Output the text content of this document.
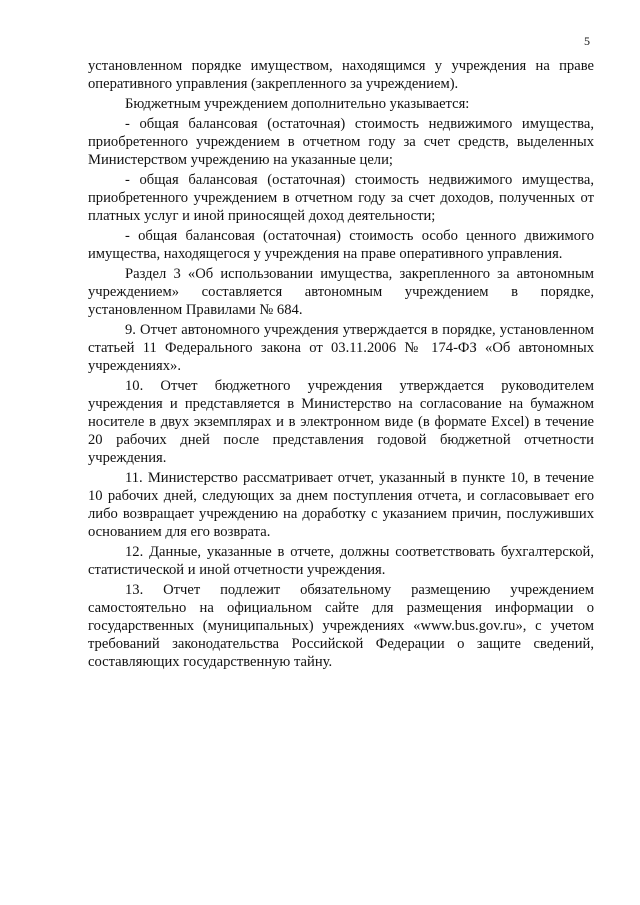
5

установленном порядке имуществом, находящимся у учреждения на праве оперативного управления (закрепленного за учреждением).

Бюджетным учреждением дополнительно указывается:

- общая балансовая (остаточная) стоимость недвижимого имущества, приобретенного учреждением в отчетном году за счет средств, выделенных Министерством учреждению на указанные цели;

- общая балансовая (остаточная) стоимость недвижимого имущества, приобретенного учреждением в отчетном году за счет доходов, полученных от платных услуг и иной приносящей доход деятельности;

- общая балансовая (остаточная) стоимость особо ценного движимого имущества, находящегося у учреждения на праве оперативного управления.

Раздел 3 «Об использовании имущества, закрепленного за автономным учреждением» составляется автономным учреждением в порядке, установленном Правилами № 684.

9. Отчет автономного учреждения утверждается в порядке, установленном статьей 11 Федерального закона от 03.11.2006 № 174-ФЗ «Об автономных учреждениях».

10. Отчет бюджетного учреждения утверждается руководителем учреждения и представляется в Министерство на согласование на бумажном носителе в двух экземплярах и в электронном виде (в формате Excel) в течение 20 рабочих дней после представления годовой бюджетной отчетности учреждения.

11. Министерство рассматривает отчет, указанный в пункте 10, в течение 10 рабочих дней, следующих за днем поступления отчета, и согласовывает его либо возвращает учреждению на доработку с указанием причин, послуживших основанием для его возврата.

12. Данные, указанные в отчете, должны соответствовать бухгалтерской, статистической и иной отчетности учреждения.

13. Отчет подлежит обязательному размещению учреждением самостоятельно на официальном сайте для размещения информации о государственных (муниципальных) учреждениях «www.bus.gov.ru», с учетом требований законодательства Российской Федерации о защите сведений, составляющих государственную тайну.
